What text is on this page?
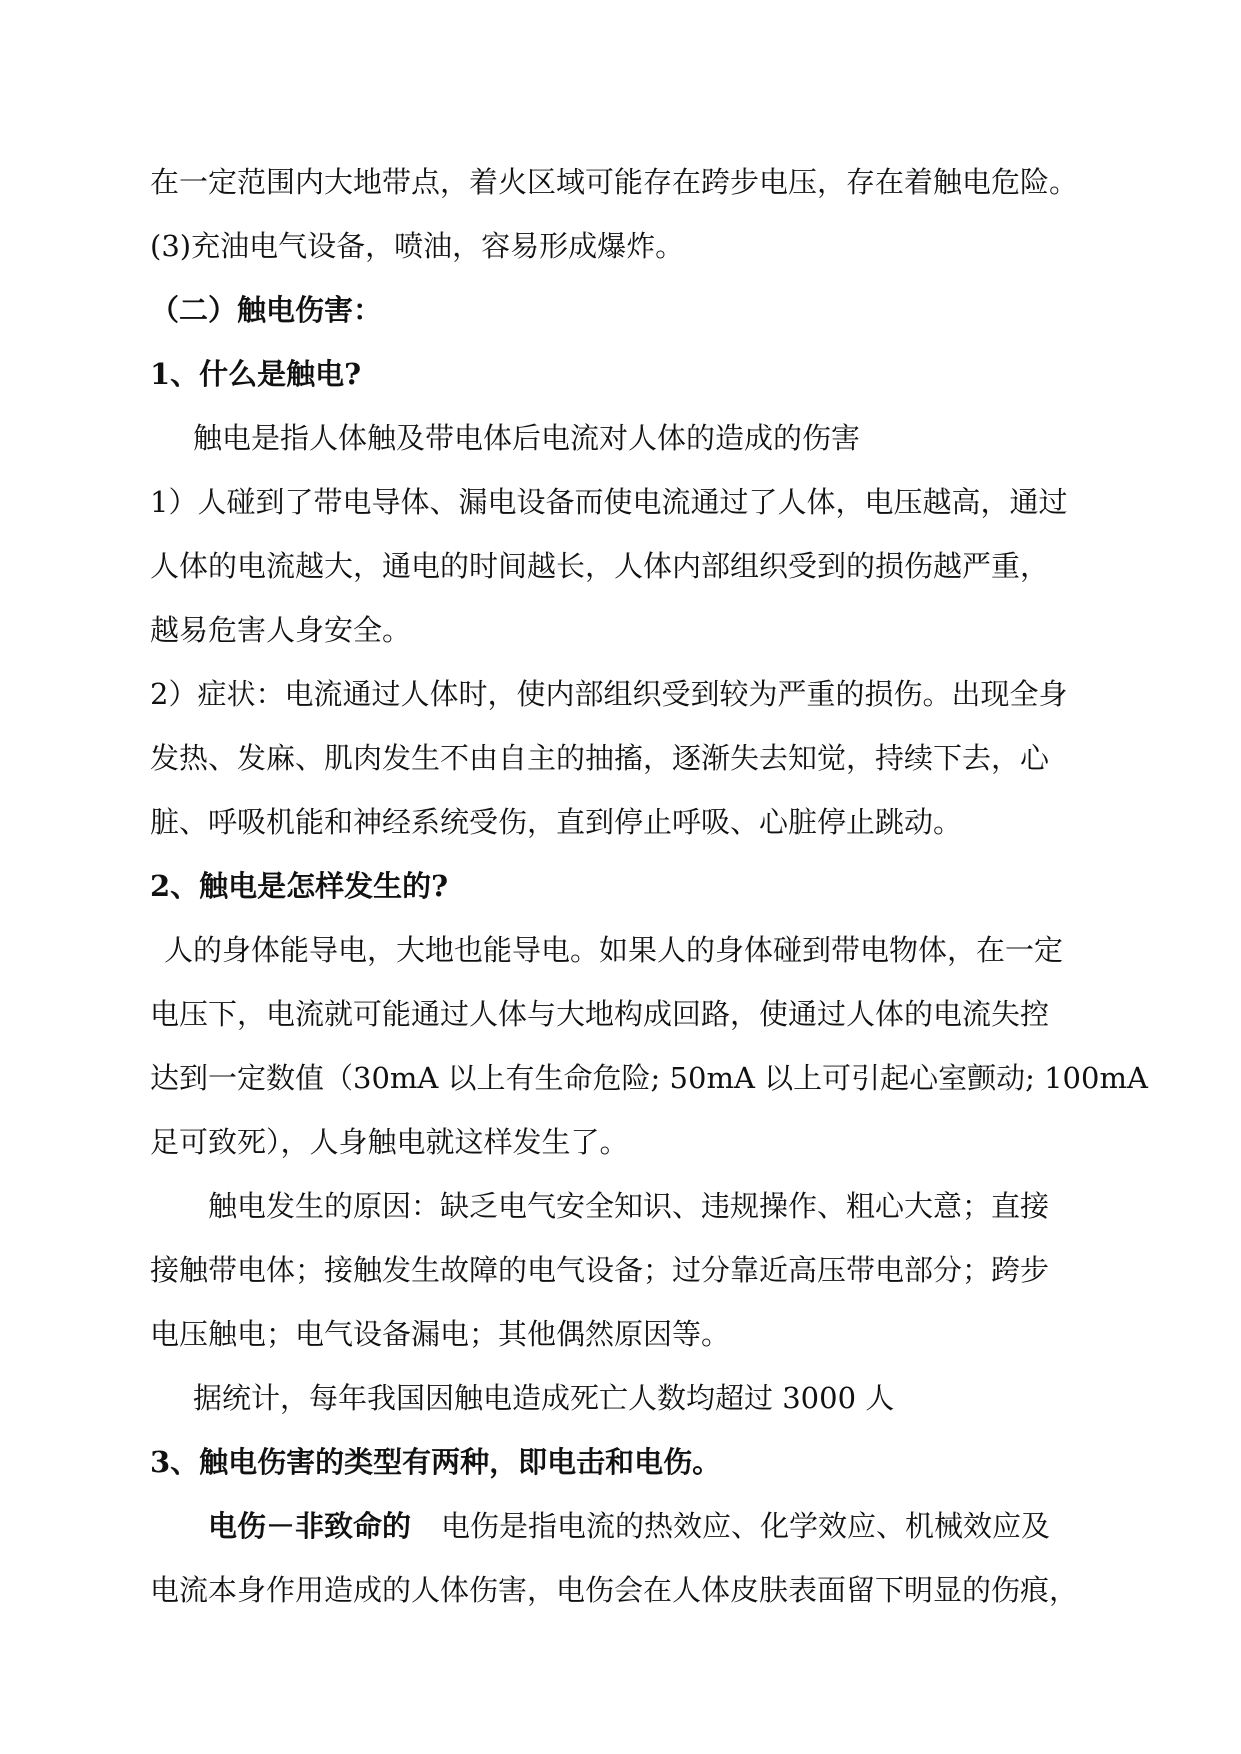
在一定范围内大地带点，着火区域可能存在跨步电压，存在着触电危险。

(3)充油电气设备，喷油，容易形成爆炸。

（二）触电伤害：

1、什么是触电?

触电是指人体触及带电体后电流对人体的造成的伤害

1）人碰到了带电导体、漏电设备而使电流通过了人体，电压越高，通过

人体的电流越大，通电的时间越长，人体内部组织受到的损伤越严重，

越易危害人身安全。

2）症状：电流通过人体时，使内部组织受到较为严重的损伤。出现全身

发热、发麻、肌肉发生不由自主的抽搐，逐渐失去知觉，持续下去，心

脏、呼吸机能和神经系统受伤，直到停止呼吸、心脏停止跳动。

2、触电是怎样发生的?

人的身体能导电，大地也能导电。如果人的身体碰到带电物体，在一定

电压下，电流就可能通过人体与大地构成回路，使通过人体的电流失控

达到一定数值（30mA 以上有生命危险; 50mA 以上可引起心室颤动; 100mA

足可致死），人身触电就这样发生了。

触电发生的原因：缺乏电气安全知识、违规操作、粗心大意；直接

接触带电体；接触发生故障的电气设备；过分靠近高压带电部分；跨步

电压触电；电气设备漏电；其他偶然原因等。

据统计，每年我国因触电造成死亡人数均超过 3000 人

3、触电伤害的类型有两种，即电击和电伤。

电伤－非致命的 电伤是指电流的热效应、化学效应、机械效应及

电流本身作用造成的人体伤害，电伤会在人体皮肤表面留下明显的伤痕，
